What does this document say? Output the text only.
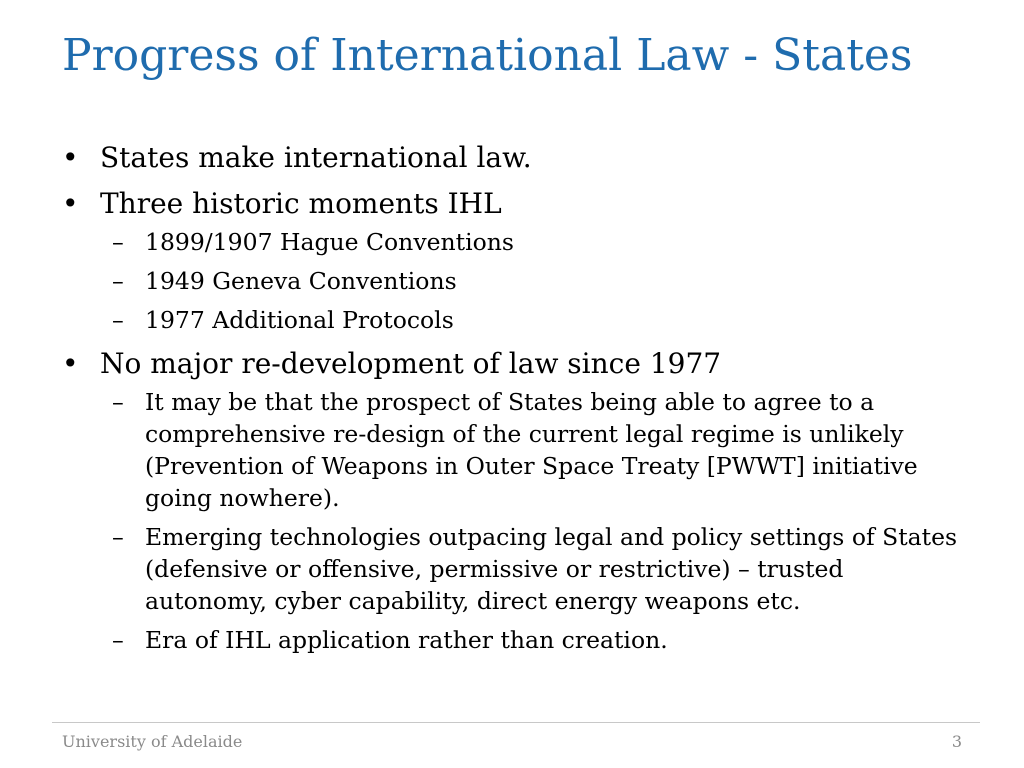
Progress of International Law - States
• States make international law.
• Three historic moments IHL
– 1899/1907 Hague Conventions
– 1949 Geneva Conventions
– 1977 Additional Protocols
• No major re-development of law since 1977
– It may be that the prospect of States being able to agree to a comprehensive re-design of the current legal regime is unlikely (Prevention of Weapons in Outer Space Treaty [PWWT] initiative going nowhere).
– Emerging technologies outpacing legal and policy settings of States (defensive or offensive, permissive or restrictive) – trusted autonomy, cyber capability, direct energy weapons etc.
– Era of IHL application rather than creation.
University of Adelaide	3
